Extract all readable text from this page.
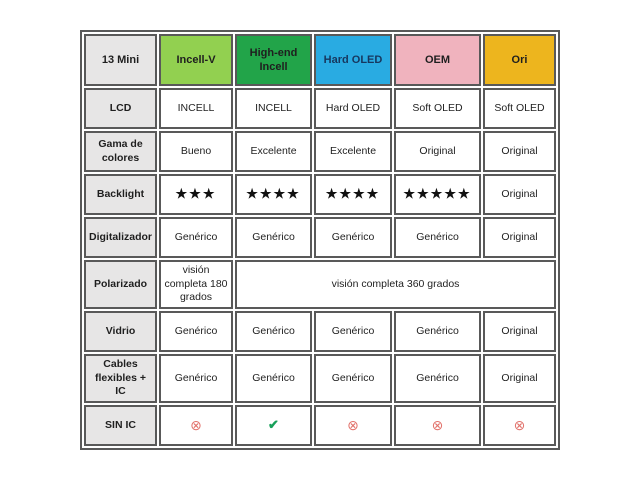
13 Mini	Incell-V	High-end Incell	Hard OLED	OEM	Ori
LCD	INCELL	INCELL	Hard OLED	Soft OLED	Soft OLED
Gama de colores	Bueno	Excelente	Excelente	Original	Original
Backlight	★★★	★★★★	★★★★	★★★★★	Original
Digitalizador	Genérico	Genérico	Genérico	Genérico	Original
Polarizado	visión completa 180 grados	visión completa 360 grados			
Vidrio	Genérico	Genérico	Genérico	Genérico	Original
Cables flexibles + IC	Genérico	Genérico	Genérico	Genérico	Original
SIN IC	⊗	✔	⊗	⊗	⊗
